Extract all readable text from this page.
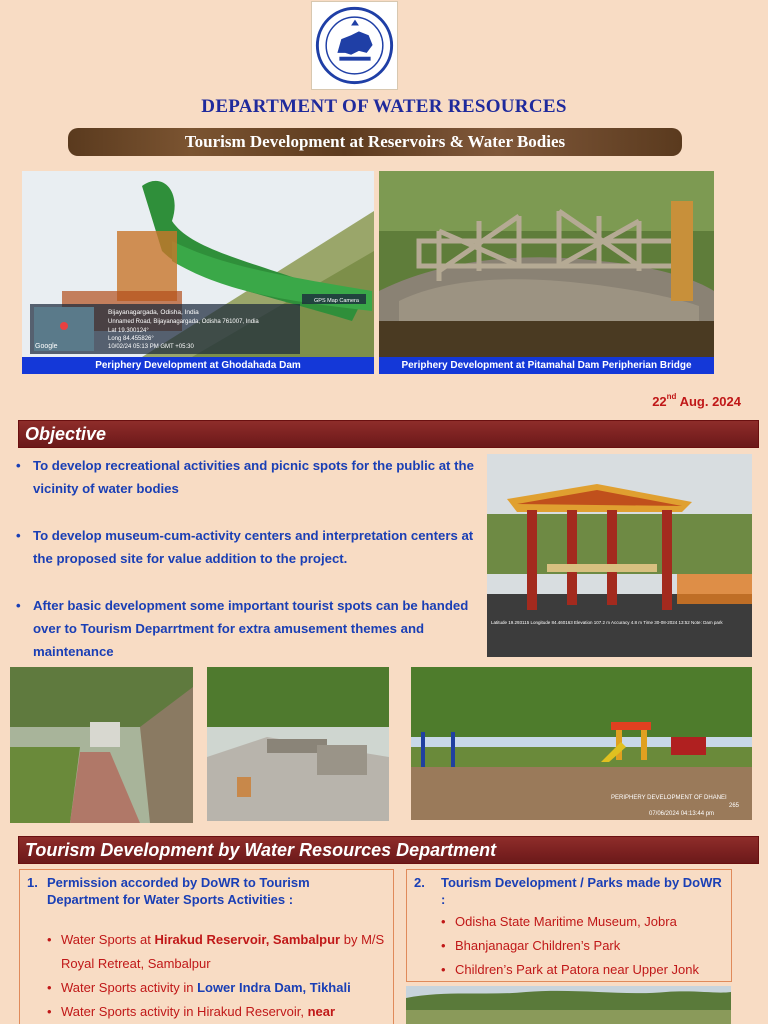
DEPARTMENT OF WATER RESOURCES
Tourism Development at Reservoirs & Water Bodies
Google
Bijayanagargada, Odisha, India
Unnamed Road, Bijayanagargada, Odisha 761007, India
Lat 19.300124°
Long 84.455826°
10/02/24 05:13 PM GMT +05:30
GPS Map Camera
Periphery Development at Ghodahada Dam	Periphery Development at Pitamahal Dam Peripherian Bridge
22nd Aug. 2024
Objective
• To develop recreational activities and picnic spots for the public at the vicinity of water bodies
• To develop museum-cum-activity centers and interpretation centers at the proposed site for value addition to the project.
• After basic development some important tourist spots can be handed over to Tourism Deparrtment for extra amusement themes and maintenance
Latitude 19.293115 Longitude 84.460163 Elevation 107.2 m Accuracy 4.8 m Time 30-08-2024 13:52 Note: Dam park
PERIPHERY DEVELOPMENT OF DHANEI
265
07/06/2024 04:13:44 pm
Tourism Development by Water Resources Department
1. Permission accorded by DoWR to Tourism Department for Water Sports Activities :
• Water Sports at Hirakud Reservoir, Sambalpur by M/S Royal Retreat, Sambalpur
• Water Sports activity in Lower Indra Dam, Tikhali
• Water Sports activity in Hirakud Reservoir, near
2.	Tourism Development / Parks made by DoWR :
• Odisha State Maritime Museum, Jobra
• Bhanjanagar Children’s Park
• Children’s Park at Patora near Upper Jonk
